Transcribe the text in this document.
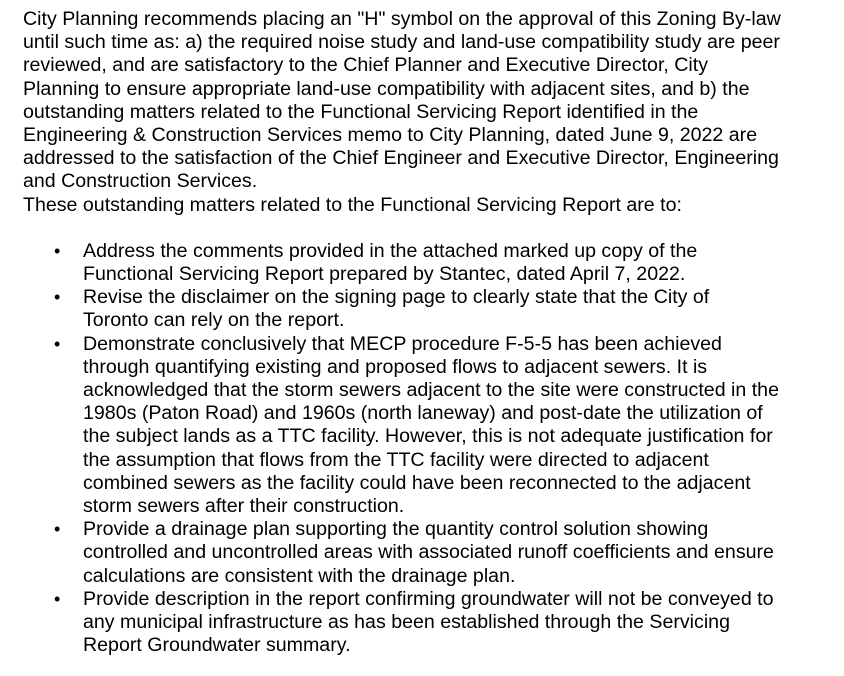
City Planning recommends placing an "H" symbol on the approval of this Zoning By-law
until such time as: a) the required noise study and land-use compatibility study are peer
reviewed, and are satisfactory to the Chief Planner and Executive Director, City
Planning to ensure appropriate land-use compatibility with adjacent sites, and b) the
outstanding matters related to the Functional Servicing Report identified in the
Engineering & Construction Services memo to City Planning, dated June 9, 2022 are
addressed to the satisfaction of the Chief Engineer and Executive Director, Engineering
and Construction Services.

These outstanding matters related to the Functional Servicing Report are to:

• Address the comments provided in the attached marked up copy of the
Functional Servicing Report prepared by Stantec, dated April 7, 2022.
• Revise the disclaimer on the signing page to clearly state that the City of
Toronto can rely on the report.
• Demonstrate conclusively that MECP procedure F-5-5 has been achieved
through quantifying existing and proposed flows to adjacent sewers. It is
acknowledged that the storm sewers adjacent to the site were constructed in the
1980s (Paton Road) and 1960s (north laneway) and post-date the utilization of
the subject lands as a TTC facility. However, this is not adequate justification for
the assumption that flows from the TTC facility were directed to adjacent
combined sewers as the facility could have been reconnected to the adjacent
storm sewers after their construction.
• Provide a drainage plan supporting the quantity control solution showing
controlled and uncontrolled areas with associated runoff coefficients and ensure
calculations are consistent with the drainage plan.
• Provide description in the report confirming groundwater will not be conveyed to
any municipal infrastructure as has been established through the Servicing
Report Groundwater summary.
